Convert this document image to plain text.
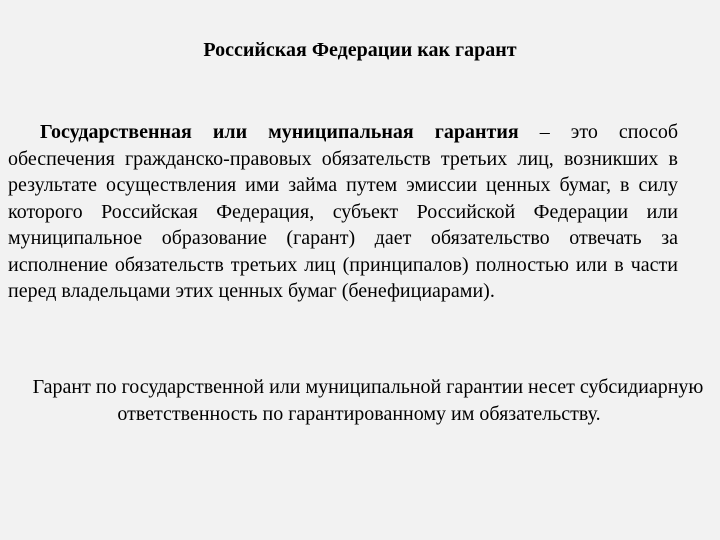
Российская Федерации как гарант

Государственная или муниципальная гарантия – это способ обеспечения гражданско-правовых обязательств третьих лиц, возникших в результате осуществления ими займа путем эмиссии ценных бумаг, в силу которого Российская Федерация, субъект Российской Федерации или муниципальное образование (гарант) дает обязательство отвечать за исполнение обязательств третьих лиц (принципалов) полностью или в части перед владельцами этих ценных бумаг (бенефициарами).

Гарант по государственной или муниципальной гарантии несет субсидиарную ответственность по гарантированному им обязательству.
